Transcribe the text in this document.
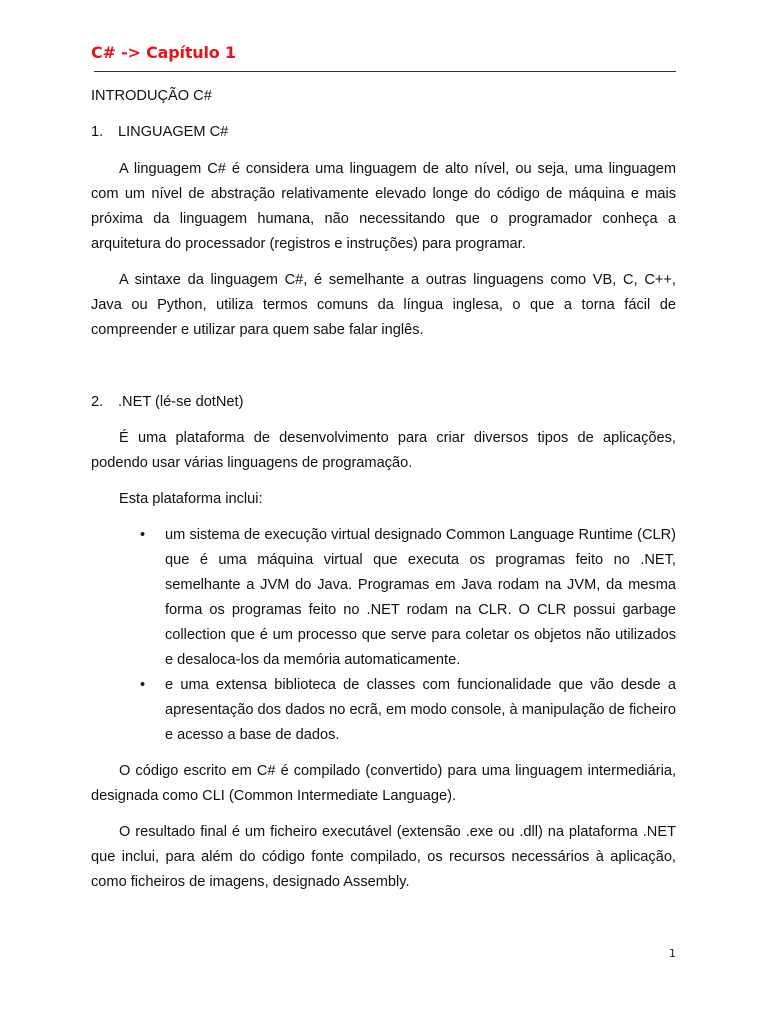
C# -> Capítulo 1

INTRODUÇÃO C#

1.	LINGUAGEM C#

A linguagem C# é considera uma linguagem de alto nível, ou seja, uma linguagem com um nível de abstração relativamente elevado longe do código de máquina e mais próxima da linguagem humana, não necessitando que o programador conheça a arquitetura do processador (registros e instruções) para programar.

A sintaxe da linguagem C#, é semelhante a outras linguagens como VB, C, C++, Java ou Python, utiliza termos comuns da língua inglesa, o que a torna fácil de compreender e utilizar para quem sabe falar inglês.

2.	.NET (lé-se dotNet)

É uma plataforma de desenvolvimento para criar diversos tipos de aplicações, podendo usar várias linguagens de programação.

Esta plataforma inclui:

• um sistema de execução virtual designado Common Language Runtime (CLR) que é uma máquina virtual que executa os programas feito no .NET, semelhante a JVM do Java. Programas em Java rodam na JVM, da mesma forma os programas feito no .NET rodam na CLR. O CLR possui garbage collection que é um processo que serve para coletar os objetos não utilizados e desaloca-los da memória automaticamente.
• e uma extensa biblioteca de classes com funcionalidade que vão desde a apresentação dos dados no ecrã, em modo console, à manipulação de ficheiro e acesso a base de dados.

O código escrito em C# é compilado (convertido) para uma linguagem intermediária, designada como CLI (Common Intermediate Language).

O resultado final é um ficheiro executável (extensão .exe ou .dll) na plataforma .NET que inclui, para além do código fonte compilado, os recursos necessários à aplicação, como ficheiros de imagens, designado Assembly.

1
